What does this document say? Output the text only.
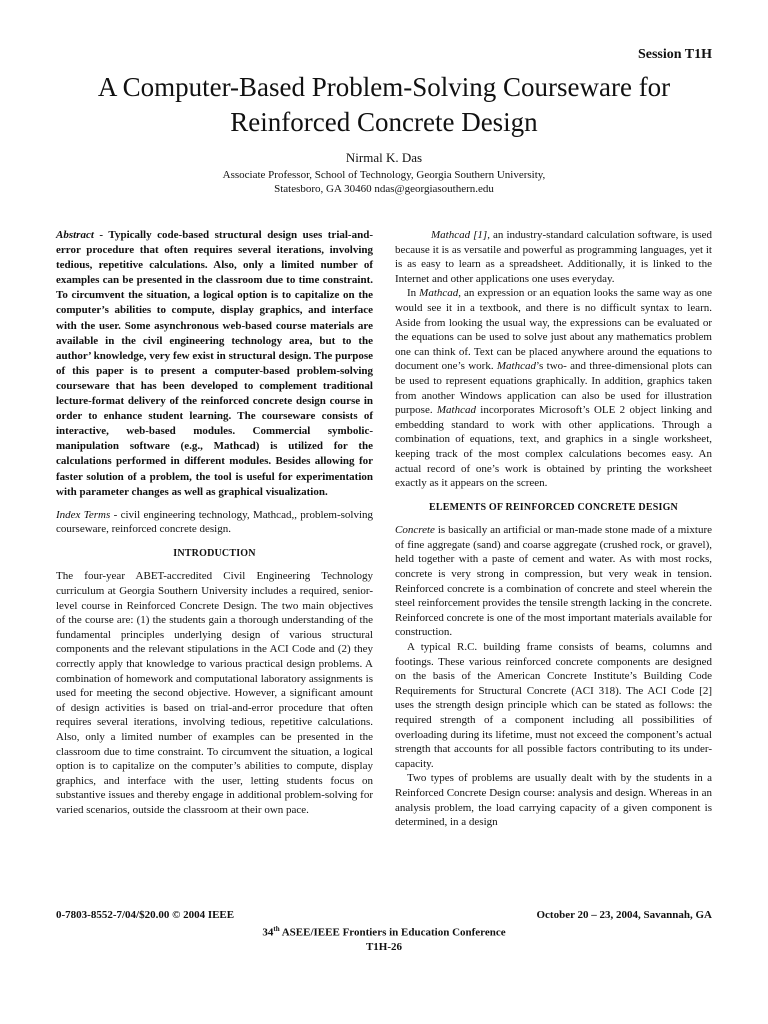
Session T1H
A Computer-Based Problem-Solving Courseware for Reinforced Concrete Design
Nirmal K. Das
Associate Professor, School of Technology, Georgia Southern University,
Statesboro, GA 30460 ndas@georgiasouthern.edu

Abstract - Typically code-based structural design uses trial-and-error procedure that often requires several iterations, involving tedious, repetitive calculations. Also, only a limited number of examples can be presented in the classroom due to time constraint. To circumvent the situation, a logical option is to capitalize on the computer’s abilities to compute, display graphics, and interface with the user. Some asynchronous web-based course materials are available in the civil engineering technology area, but to the author’ knowledge, very few exist in structural design. The purpose of this paper is to present a computer-based problem-solving courseware that has been developed to complement traditional lecture-format delivery of the reinforced concrete design course in order to enhance student learning. The courseware consists of interactive, web-based modules. Commercial symbolic-manipulation software (e.g., Mathcad) is utilized for the calculations performed in different modules. Besides allowing for faster solution of a problem, the tool is useful for experimentation with parameter changes as well as graphical visualization.

Index Terms - civil engineering technology, Mathcad,, problem-solving courseware, reinforced concrete design.

INTRODUCTION

The four-year ABET-accredited Civil Engineering Technology curriculum at Georgia Southern University includes a required, senior-level course in Reinforced Concrete Design. The two main objectives of the course are: (1) the students gain a thorough understanding of the fundamental principles underlying design of various structural components and the relevant stipulations in the ACI Code and (2) they correctly apply that knowledge to various practical design problems. A combination of homework and computational laboratory assignments is used for meeting the second objective. However, a significant amount of design activities is based on trial-and-error procedure that often requires several iterations, involving tedious, repetitive calculations. Also, only a limited number of examples can be presented in the classroom due to time constraint. To circumvent the situation, a logical option is to capitalize on the computer’s abilities to compute, display graphics, and interface with the user, letting students focus on substantive issues and thereby engage in additional problem-solving for varied scenarios, outside the classroom at their own pace.

Mathcad [1], an industry-standard calculation software, is used because it is as versatile and powerful as programming languages, yet it is as easy to learn as a spreadsheet. Additionally, it is linked to the Internet and other applications one uses everyday.

In Mathcad, an expression or an equation looks the same way as one would see it in a textbook, and there is no difficult syntax to learn. Aside from looking the usual way, the expressions can be evaluated or the equations can be used to solve just about any mathematics problem one can think of. Text can be placed anywhere around the equations to document one’s work. Mathcad’s two- and three-dimensional plots can be used to represent equations graphically. In addition, graphics taken from another Windows application can also be used for illustration purpose. Mathcad incorporates Microsoft’s OLE 2 object linking and embedding standard to work with other applications. Through a combination of equations, text, and graphics in a single worksheet, keeping track of the most complex calculations becomes easy. An actual record of one’s work is obtained by printing the worksheet exactly as it appears on the screen.

ELEMENTS OF REINFORCED CONCRETE DESIGN

Concrete is basically an artificial or man-made stone made of a mixture of fine aggregate (sand) and coarse aggregate (crushed rock, or gravel), held together with a paste of cement and water. As with most rocks, concrete is very strong in compression, but very weak in tension. Reinforced concrete is a combination of concrete and steel wherein the steel reinforcement provides the tensile strength lacking in the concrete. Reinforced concrete is one of the most important materials available for construction.

A typical R.C. building frame consists of beams, columns and footings. These various reinforced concrete components are designed on the basis of the American Concrete Institute’s Building Code Requirements for Structural Concrete (ACI 318). The ACI Code [2] uses the strength design principle which can be stated as follows: the required strength of a component including all possibilities of overloading during its lifetime, must not exceed the component’s actual strength that accounts for all possible factors contributing to its under-capacity.

Two types of problems are usually dealt with by the students in a Reinforced Concrete Design course: analysis and design. Whereas in an analysis problem, the load carrying capacity of a given component is determined, in a design

0-7803-8552-7/04/$20.00 © 2004 IEEE	October 20 – 23, 2004, Savannah, GA
34th ASEE/IEEE Frontiers in Education Conference
T1H-26
